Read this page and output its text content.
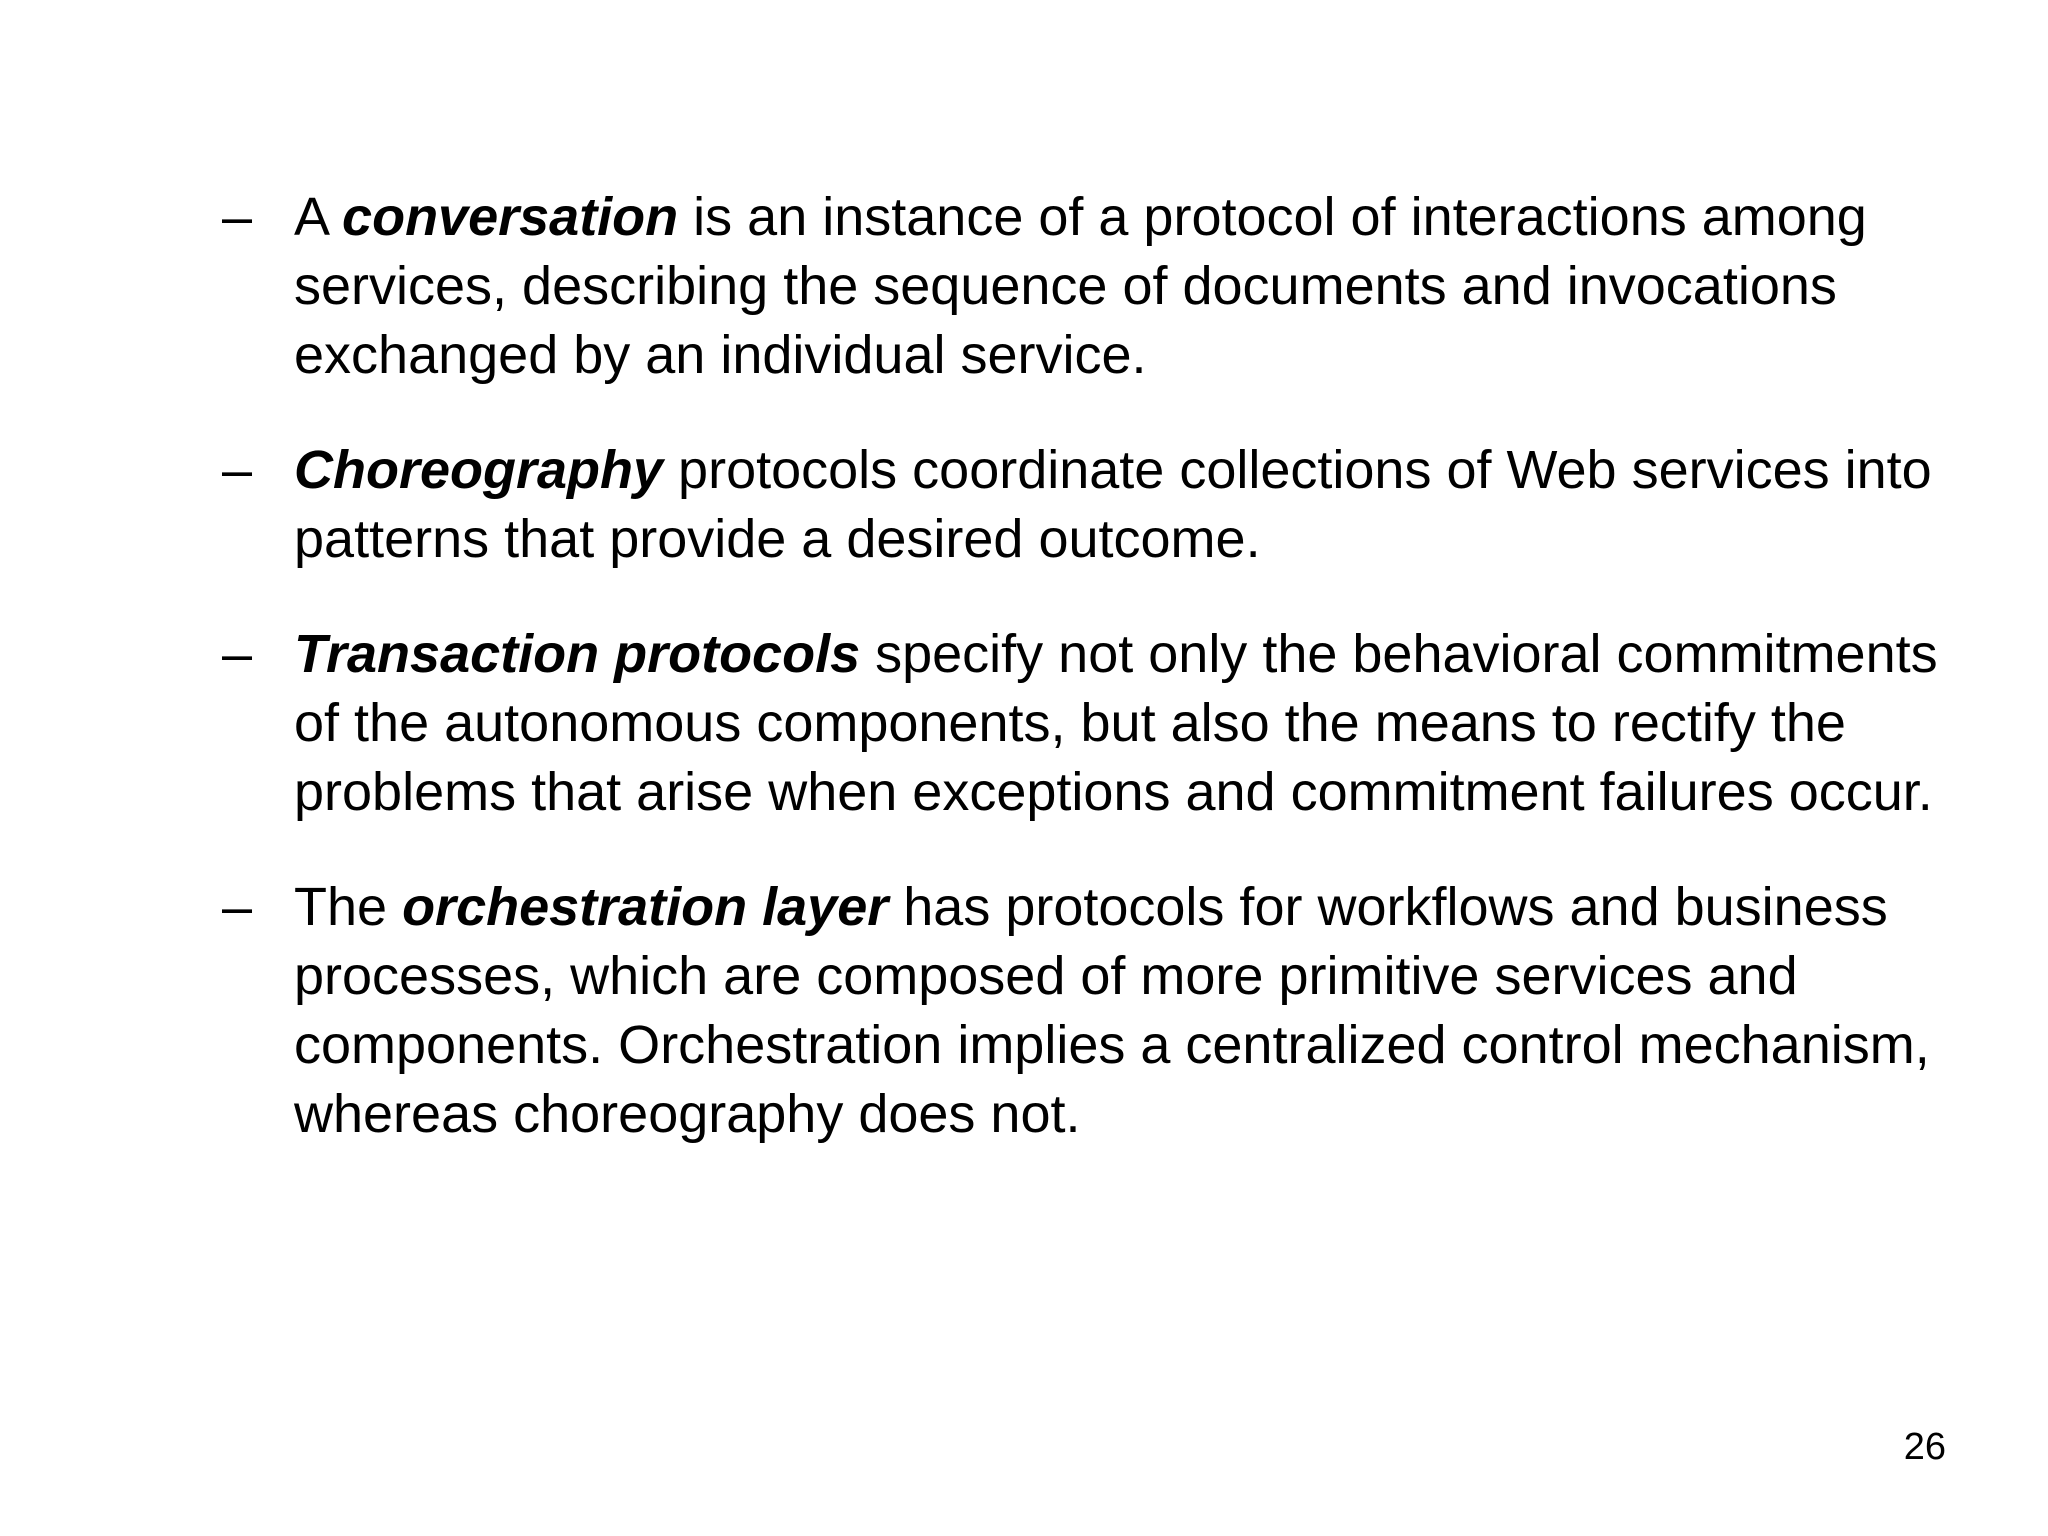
– A conversation is an instance of a protocol of interactions among services, describing the sequence of documents and invocations exchanged by an individual service.
– Choreography protocols coordinate collections of Web services into patterns that provide a desired outcome.
– Transaction protocols specify not only the behavioral commitments of the autonomous components, but also the means to rectify the problems that arise when exceptions and commitment failures occur.
– The orchestration layer has protocols for workflows and business processes, which are composed of more primitive services and components. Orchestration implies a centralized control mechanism, whereas choreography does not.
26
